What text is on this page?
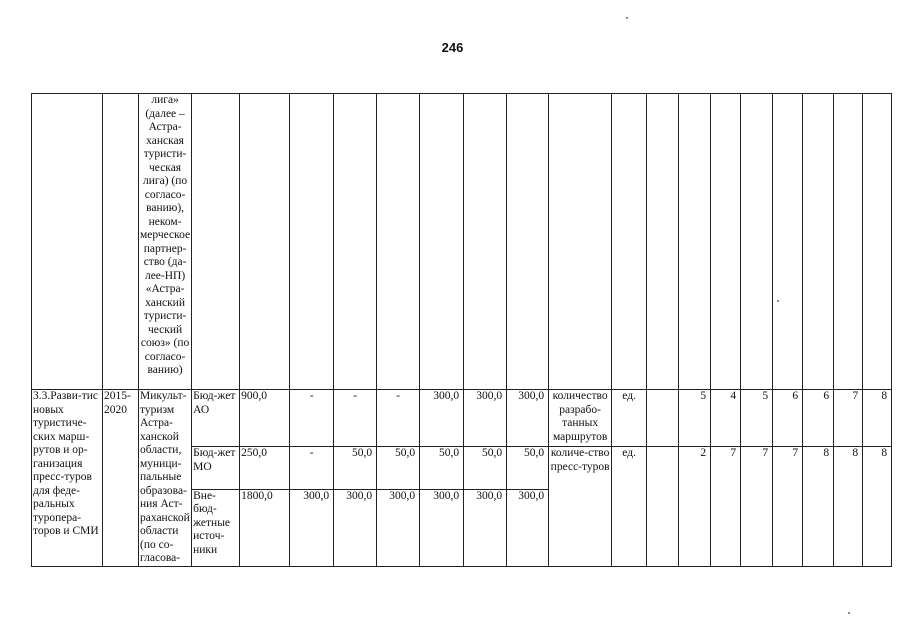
246
		лига» (далее – Астра-ханская туристи-ческая лига) (по согласо-ванию), неком-мерческое партнер-ство (да-лее-НП) «Астра-ханский туристи-ческий союз» (по согласо-ванию)																		
3.3.Разви-тис новых туристиче-ских марш-рутов и ор-ганизация пресс-туров для феде-ральных туропера-торов и СМИ	2015-2020	Микульт-туризм Астра-ханской области, муници-пальные образова-ния Аст-раханской области (по со-гласова-	Бюд-жет АО	900,0	-	-	-	300,0	300,0	300,0	количество разрабо-танных маршрутов	ед.		5	4	5	6	6	7	8
			Бюд-жет МО	250,0	-	50,0	50,0	50,0	50,0	50,0	количе-ство пресс-туров	ед.		2	7	7	7	8	8	8
			Вне-бюд-жетные источ-ники	1800,0	300,0	300,0	300,0	300,0	300,0	300,0										
